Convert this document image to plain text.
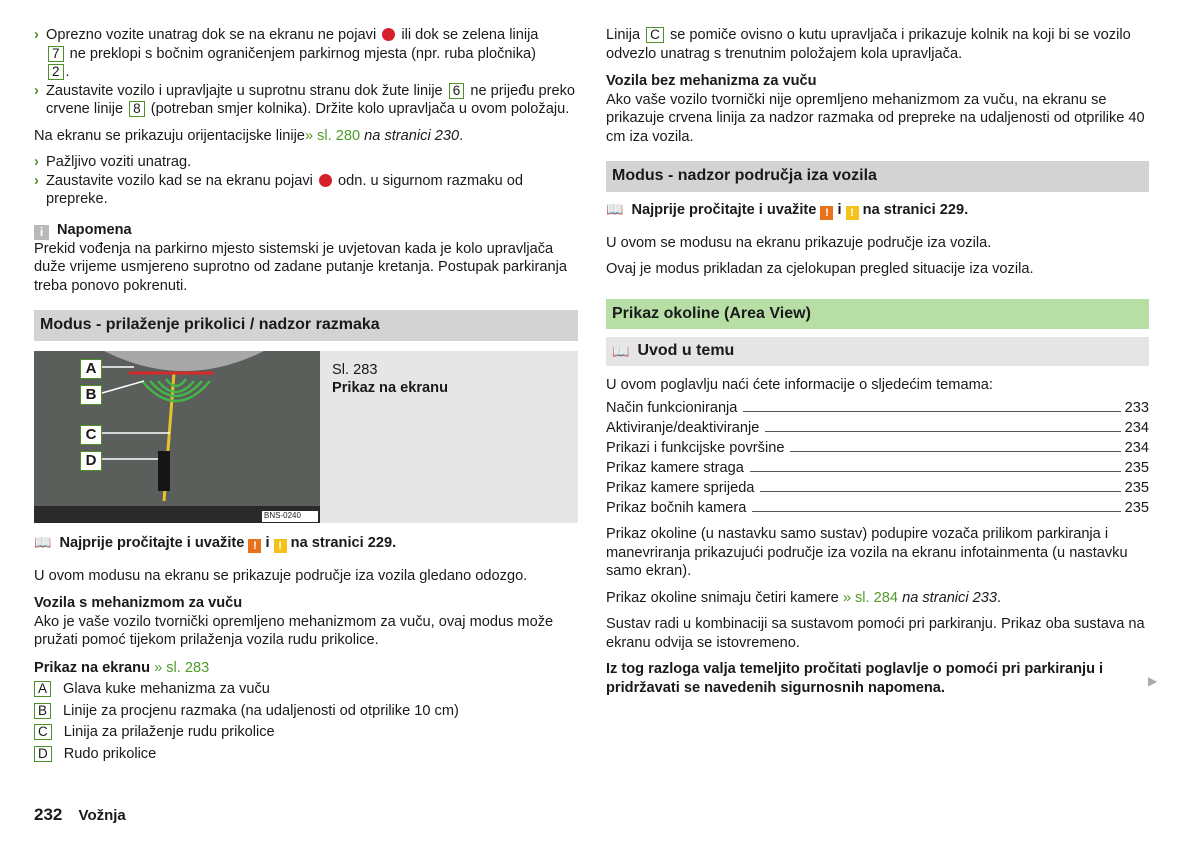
› Oprezno vozite unatrag dok se na ekranu ne pojavi ili dok se zelena linija
7 ne preklopi s bočnim ograničenjem parkirnog mjesta (npr. ruba pločnika)
2 .

› Zaustavite vozilo i upravljajte u suprotnu stranu dok žute linije 6 ne prijeđu preko crvene linije 8 (potreban smjer kolnika). Držite kolo upravljača u ovom položaju.

Na ekranu se prikazuju orijentacijske linije» sl. 280 na stranici 230.

› Pažljivo voziti unatrag.

› Zaustavite vozilo kad se na ekranu pojavi odn. u sigurnom razmaku od prepreke.

i Napomena

Prekid vođenja na parkirno mjesto sistemski je uvjetovan kada je kolo upravljača duže vrijeme usmjereno suprotno od zadane putanje kretanja. Postupak parkiranja treba ponovo pokrenuti.

Modus - prilaženje prikolici / nadzor razmaka
A
B
C
D
BNS-0240
Sl. 283
Prikaz na ekranu

📖 Najprije pročitajte i uvažite ! i ! na stranici 229.

U ovom modusu na ekranu se prikazuje područje iza vozila gledano odozgo.

Vozila s mehanizmom za vuču

Ako je vaše vozilo tvornički opremljeno mehanizmom za vuču, ovaj modus može pružati pomoć tijekom prilaženja vozila rudu prikolice.

Prikaz na ekranu » sl. 283

A Glava kuke mehanizma za vuču
B Linije za procjenu razmaka (na udaljenosti od otprilike 10 cm)
C Linija za prilaženje rudu prikolice
D Rudo prikolice

Linija C se pomiče ovisno o kutu upravljača i prikazuje kolnik na koji bi se vozilo odvezlo unatrag s trenutnim položajem kola upravljača.

Vozila bez mehanizma za vuču

Ako vaše vozilo tvornički nije opremljeno mehanizmom za vuču, na ekranu se prikazuje crvena linija za nadzor razmaka od prepreke na udaljenosti od otprilike 40 cm iza vozila.

Modus - nadzor područja iza vozila

📖 Najprije pročitajte i uvažite ! i ! na stranici 229.

U ovom se modusu na ekranu prikazuje područje iza vozila.

Ovaj je modus prikladan za cjelokupan pregled situacije iza vozila.

Prikaz okoline (Area View)
📖 Uvod u temu

U ovom poglavlju naći ćete informacije o sljedećim temama:

Način funkcioniranja	233
Aktiviranje/deaktiviranje	234
Prikazi i funkcijske površine	234
Prikaz kamere straga	235
Prikaz kamere sprijeda	235
Prikaz bočnih kamera	235

Prikaz okoline (u nastavku samo sustav) podupire vozača prilikom parkiranja i manevriranja prikazujući područje iza vozila na ekranu infotainmenta (u nastavku samo ekran).

Prikaz okoline snimaju četiri kamere » sl. 284 na stranici 233.

Sustav radi u kombinaciji sa sustavom pomoći pri parkiranju. Prikaz oba sustava na ekranu odvija se istovremeno.

Iz tog razloga valja temeljito pročitati poglavlje o pomoći pri parkiranju i pridržavati se navedenih sigurnosnih napomena.	▶
232 Vožnja
